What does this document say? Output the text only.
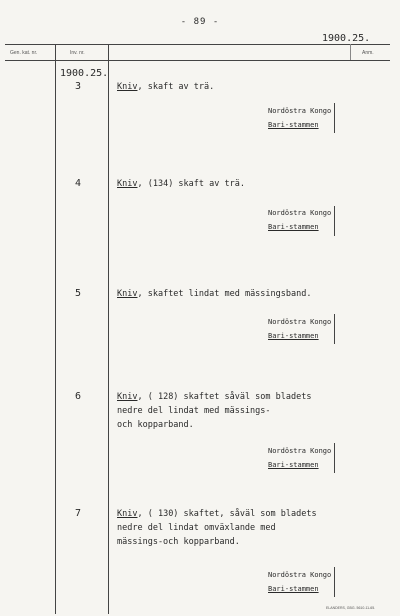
- 89 -
1900.25.
Gen. kat. nr.	Inv. nr.	Anm.
1900.25.
3	Kniv, skaft av trä.
Nordöstra Kongo
Bari-stammen
4	Kniv, (134) skaft av trä.
Nordöstra Kongo
Bari-stammen
5	Kniv, skaftet lindat med mässingsband.
Nordöstra Kongo
Bari-stammen
6	Kniv, ( 128) skaftet såväl som bladets
nedre del lindat med mässings-
och kopparband.
Nordöstra Kongo
Bari-stammen
7	Kniv, ( 130) skaftet, såväl som bladets
nedre del lindat omväxlande med
mässings-och kopparband.
Nordöstra Kongo
Bari-stammen
ELANDERS, GBG. 5610-11-65.
